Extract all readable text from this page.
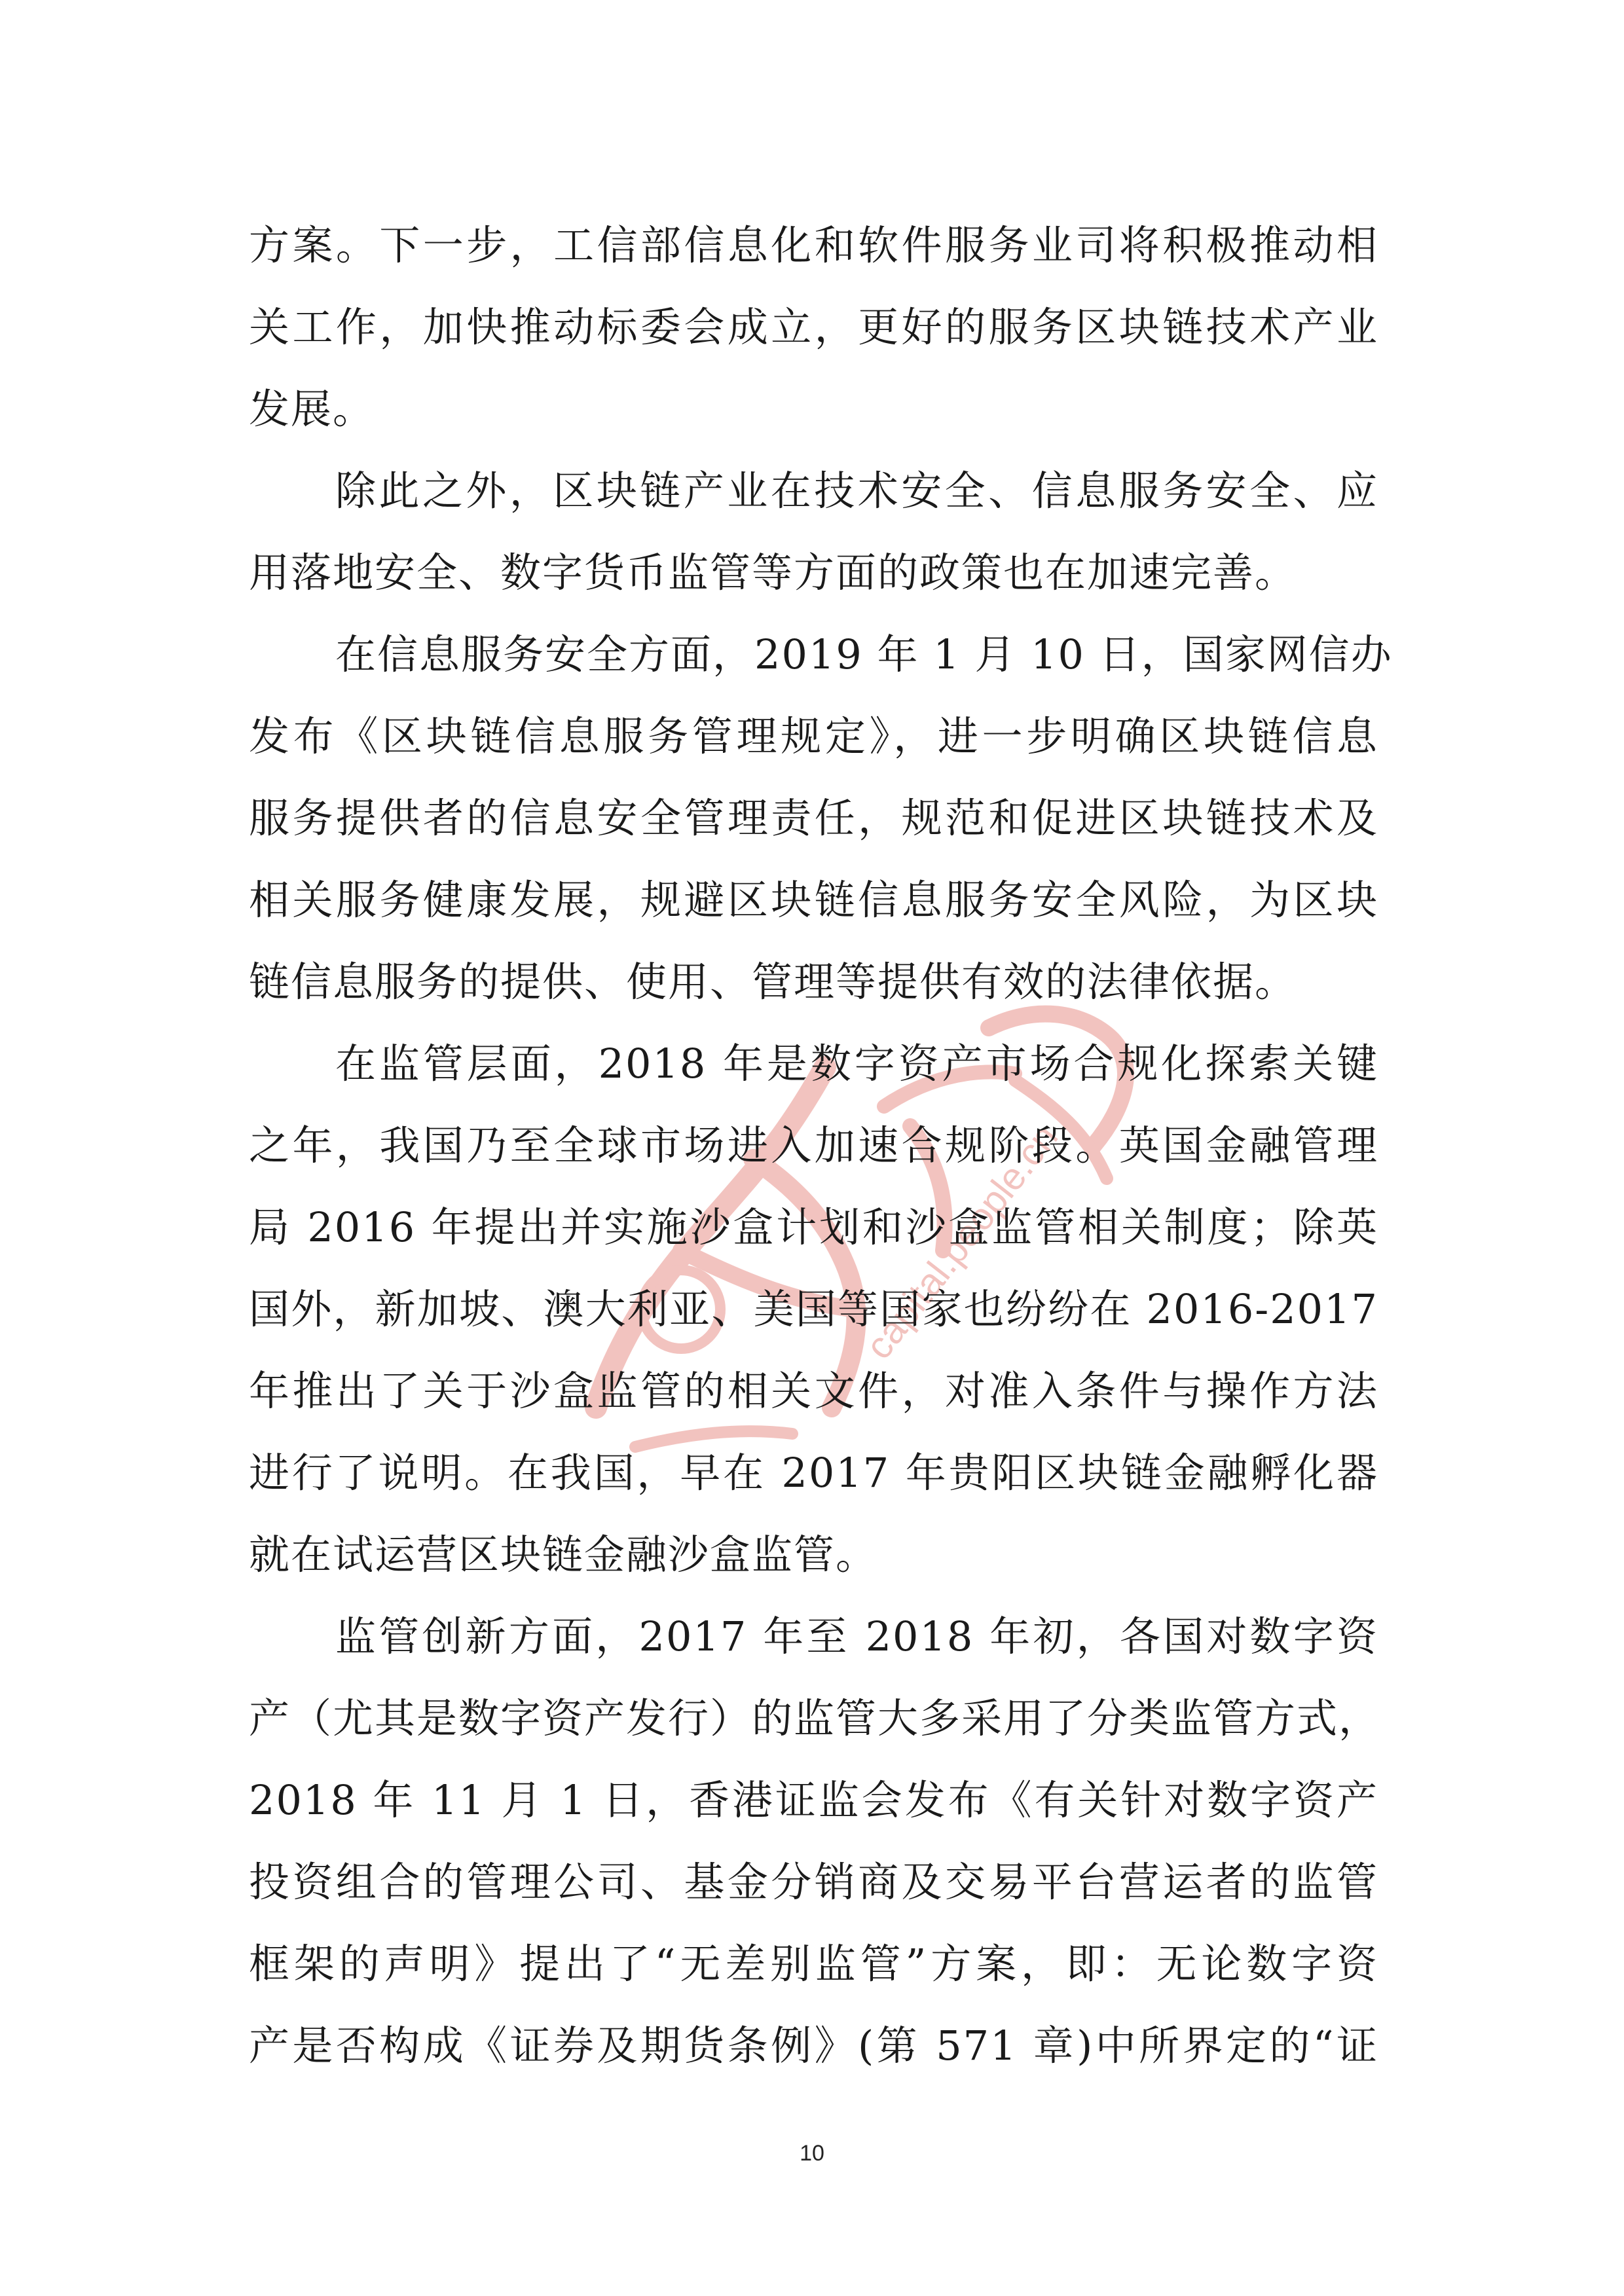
capital.people.cn
方案。下一步，工信部信息化和软件服务业司将积极推动相
关工作，加快推动标委会成立，更好的服务区块链技术产业
发展。
除此之外，区块链产业在技术安全、信息服务安全、应
用落地安全、数字货币监管等方面的政策也在加速完善。
在信息服务安全方面，2019 年 1 月 10 日，国家网信办
发布《区块链信息服务管理规定》，进一步明确区块链信息
服务提供者的信息安全管理责任，规范和促进区块链技术及
相关服务健康发展，规避区块链信息服务安全风险，为区块
链信息服务的提供、使用、管理等提供有效的法律依据。
在监管层面，2018 年是数字资产市场合规化探索关键
之年，我国乃至全球市场进入加速合规阶段。英国金融管理
局 2016 年提出并实施沙盒计划和沙盒监管相关制度；除英
国外，新加坡、澳大利亚、美国等国家也纷纷在 2016-2017
年推出了关于沙盒监管的相关文件，对准入条件与操作方法
进行了说明。在我国，早在 2017 年贵阳区块链金融孵化器
就在试运营区块链金融沙盒监管。
监管创新方面，2017 年至 2018 年初，各国对数字资
产（尤其是数字资产发行）的监管大多采用了分类监管方式，
2018 年 11 月 1 日，香港证监会发布《有关针对数字资产
投资组合的管理公司、基金分销商及交易平台营运者的监管
框架的声明》提出了“无差别监管”方案，即：无论数字资
产是否构成《证券及期货条例》(第 571 章)中所界定的“证
10
